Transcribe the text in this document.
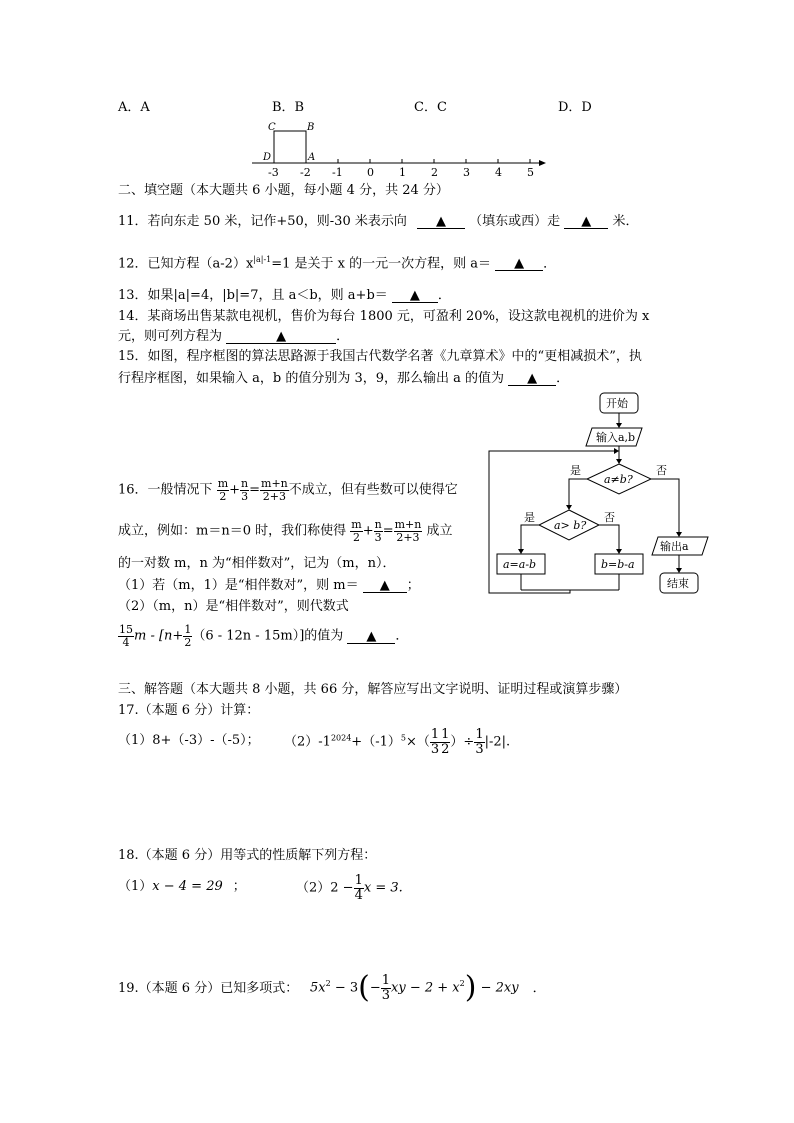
A．A	B．B	C．C	D．D
-3 -2 -1 0 1 2 3 4 5
C	B
D	A
二、填空题（本大题共 6 小题，每小题 4 分，共 24 分）
11．若向东走 50 米，记作+50，则-30 米表示向 ▲ （填东或西）走 ▲ 米．
12．已知方程$(a-2)x^{|a|-1}=1$ 是关于 x 的一元一次方程，则 a＝ ▲ ．
13．如果|a|=4，|b|=7，且 a＜b，则 a+b＝ ▲ ．
14．某商场出售某款电视机，售价为每台 1800 元，可盈利 20%，设这款电视机的进价为 x
元，则可列方程为	▲	．
15．如图，程序框图的算法思路源于我国古代数学名著《九章算术》中的“更相减损术”，执
行程序框图，如果输入 a，b 的值分别为 3，9，那么输出 a 的值为 ▲ ．
16．一般情况下 $\frac{m}{2} + \frac{n}{3} = \frac{m+n}{2+3}$ 不成立，但有些数可以使得它
成立，例如：m＝n＝0 时，我们称使得 $\frac{m}{2} + \frac{n}{3} = \frac{m+n}{2+3}$ 成立
的一对数 m，n 为“相伴数对”，记为（m，n）．
（1）若（m，1）是“相伴数对”，则 m＝ ▲ ；
（2）（m，n）是“相伴数对”，则代数式
$\frac{15}{4}$ $m - [n+ \frac{1}{2} (6 - 12n - 15m)]$的值为 ▲ ．
开始
输入a,b
a≠b?
是	否
a> b?
是	否
a=a-b	b=b-a
输出a
结束
三、解答题（本大题共 8 小题，共 66 分，解答应写出文字说明、证明过程或演算步骤）
17.（本题 6 分）计算：
（1）8+（-3）-（-5）； $(2)-1^{2024}+(-1)^5\times( \frac{1}{3} \frac{1}{2}$ ）÷ $\frac{1}{3} |-2|$.
18.（本题 6 分）用等式的性质解下列方程：
（1）x − 4 = 29 ；	$(2)2 - \frac{1}{4}$ x = 3.
19.（本题 6 分）已知多项式： $5x^2 - 3(- \frac{1}{3}$ xy − $2 + x^2) - 2xy$ ．
